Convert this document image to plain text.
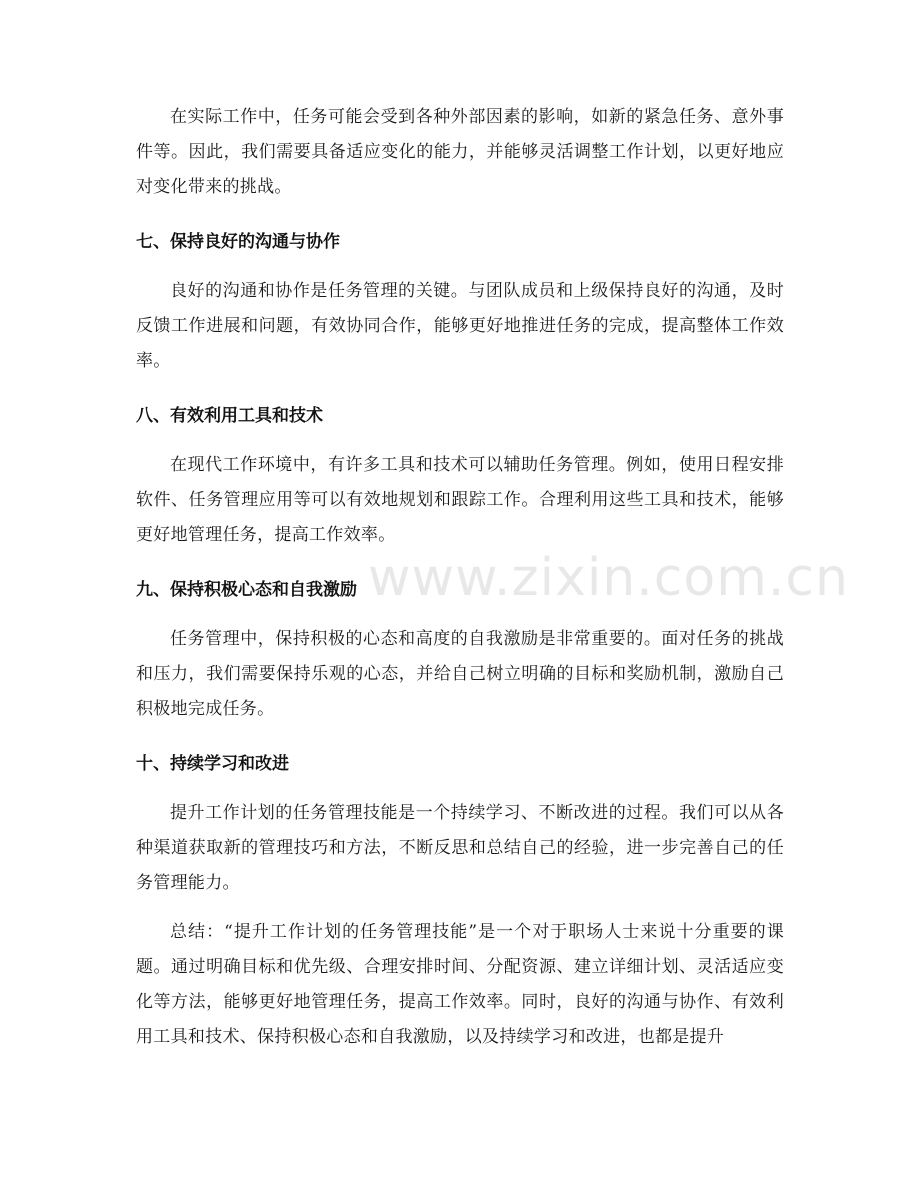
在实际工作中，任务可能会受到各种外部因素的影响，如新的紧急任务、意外事件等。因此，我们需要具备适应变化的能力，并能够灵活调整工作计划，以更好地应对变化带来的挑战。

七、保持良好的沟通与协作

良好的沟通和协作是任务管理的关键。与团队成员和上级保持良好的沟通，及时反馈工作进展和问题，有效协同合作，能够更好地推进任务的完成，提高整体工作效率。

八、有效利用工具和技术

在现代工作环境中，有许多工具和技术可以辅助任务管理。例如，使用日程安排软件、任务管理应用等可以有效地规划和跟踪工作。合理利用这些工具和技术，能够更好地管理任务，提高工作效率。

九、保持积极心态和自我激励

任务管理中，保持积极的心态和高度的自我激励是非常重要的。面对任务的挑战和压力，我们需要保持乐观的心态，并给自己树立明确的目标和奖励机制，激励自己积极地完成任务。

十、持续学习和改进

提升工作计划的任务管理技能是一个持续学习、不断改进的过程。我们可以从各种渠道获取新的管理技巧和方法，不断反思和总结自己的经验，进一步完善自己的任务管理能力。

总结：“提升工作计划的任务管理技能”是一个对于职场人士来说十分重要的课题。通过明确目标和优先级、合理安排时间、分配资源、建立详细计划、灵活适应变化等方法，能够更好地管理任务，提高工作效率。同时，良好的沟通与协作、有效利用工具和技术、保持积极心态和自我激励，以及持续学习和改进，也都是提升

www.zixin.com.cn
